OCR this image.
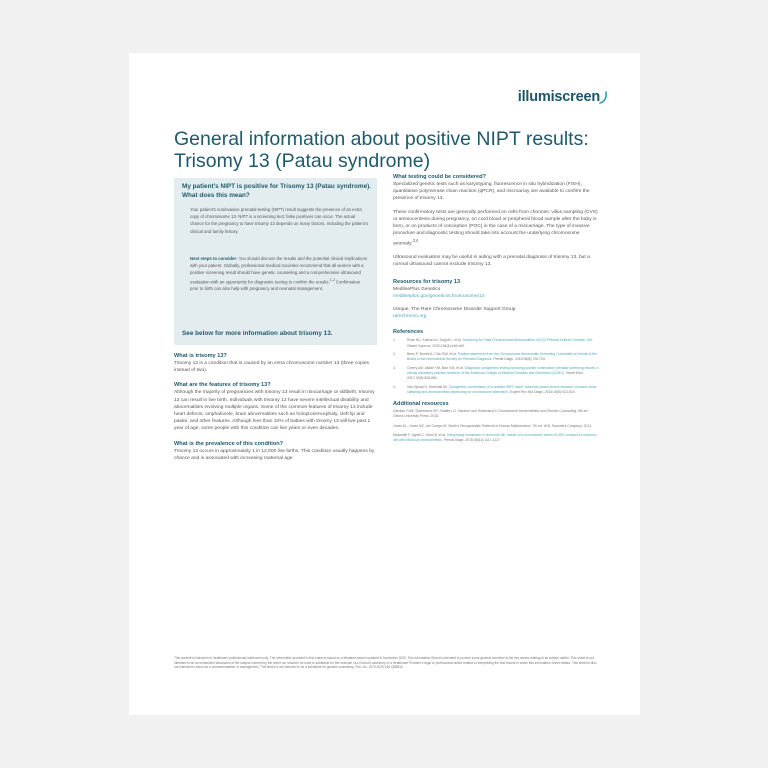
illumiscreen
General information about positive NIPT results: Trisomy 13 (Patau syndrome)
My patient’s NIPT is positive for Trisomy 13 (Patau syndrome). What does this mean?

Your patient’s noninvasive prenatal testing (NIPT) result suggests the presence of an extra copy of chromosome 13. NIPT is a screening test; false positives can occur. The actual chance for the pregnancy to have trisomy 13 depends on many factors, including the patient’s clinical and family history.

Next steps to consider: You should discuss the results and the potential clinical implications with your patient. Globally, professional medical societies recommend that all women with a positive screening result should have genetic counseling and a comprehensive ultrasound evaluation with an opportunity for diagnostic testing to confirm the results.$^{1,2}$ Confirmation prior to birth can also help with pregnancy and neonatal management.

See below for more information about trisomy 13.

What is trisomy 13?

Trisomy 13 is a condition that is caused by an extra chromosome number 13 (three copies instead of two).

What are the features of trisomy 13?

Although the majority of pregnancies with trisomy 13 result in miscarriage or stillbirth, trisomy 13 can result in live birth. Individuals with trisomy 13 have severe intellectual disability and abnormalities involving multiple organs. Some of the common features of trisomy 13 include heart defects, omphalocele, brain abnormalities such as holoprosencephaly, cleft lip and palate, and other features. Although less than 10% of babies with trisomy 13 will live past 1 year of age, some people with this condition can live years or even decades.

What is the prevalence of this condition?

Trisomy 13 occurs in approximately 1 in 12,000 live births. This condition usually happens by chance and is associated with increasing maternal age.

What testing could be considered?

Specialized genetic tests such as karyotyping, fluorescence in situ hybridization (FISH), quantitative polymerase chain reaction (qPCR), and microarray are available to confirm the presence of trisomy 13.

These confirmatory tests are generally performed on cells from chorionic villus sampling (CVS) or amniocentesis during pregnancy, on cord blood or peripheral blood sample after the baby is born, or on products of conception (POC) in the case of a miscarriage. The type of invasive procedure and diagnostic testing should take into account the underlying chromosome anomaly.$^{3,4}$

Ultrasound evaluation may be useful in aiding with a prenatal diagnosis of trisomy 13, but a normal ultrasound cannot exclude trisomy 13.

Resources for trisomy 13

MedlinePlus Genetics

medlineplus.gov/genetics/chromosome/13

Unique, The Rare Chromosome Disorder Support Group

rarechromo.org

References

1.	Rose NC, Kaimal AJ, Dugoff L, et al. Screening for Fetal Chromosomal Abnormalities: ACOG Practice Bulletin, Number 226. Obstet Gynecol. 2020;136(4):e48-e69.
2.	Benn P, Borrell A, Chiu RW, et al. Position statement from the Chromosome Abnormality Screening Committee on behalf of the Board of the International Society for Prenatal Diagnosis. Prenat Diagn. 2015;35(8):725-734.
3.	Cherry AM, Akkari YM, Barr KM, et al. Diagnostic cytogenetic testing following positive noninvasive prenatal screening results: a clinical laboratory practice resource of the American College of Medical Genetics and Genomics (ACMG). Genet Med. 2017;19(8):845-850.
4.	Van Opstal D, Srebniak MI. Cytogenetic confirmation of a positive NIPT result: evidence-based choice between chorionic villus sampling and amniocentesis depending on chromosome aberration. Expert Rev Mol Diagn. 2016;16(5):513-520.

Additional resources

Gardner RJM, Sutherland GR, Shaffer LG. Gardner and Sutherland’s Chromosome Abnormalities and Genetic Counseling. 5th ed. Oxford University Press; 2018.

Jones KL, Jones MC, del Campo M. Smith’s Recognizable Patterns of Human Malformation. 7th ed. W.B. Saunders Company; 2013.

Malvestiti F, Agrati C, Grimi B, et al. Interpreting mosaicism in chorionic villi: results of a monocentric series of 1001 mosaics in chorionic villi with follow-up amniocentesis. Prenat Diagn. 2015;35(11):1117-1127.

This content is intended for healthcare professional audiences only. The information provided in this sheet is based on a literature search updated in November 2020. This Information Sheet is intended to provide some general overview of the key issues relating to its subject matter. This sheet is not intended to be an exhaustive discussion of the subject covered by the sheet nor should it be used to substitute for the exercise of a Clinical Laboratory or a Healthcare Provider’s legal or professional duties relative to interpreting the test results to which this Information Sheet relates. This sheet is also not intended to serve as a recommendation of management. This sheet is not intended to be a substitute for genetic counseling. Pub. No. 1570-2020-026 QB8816
